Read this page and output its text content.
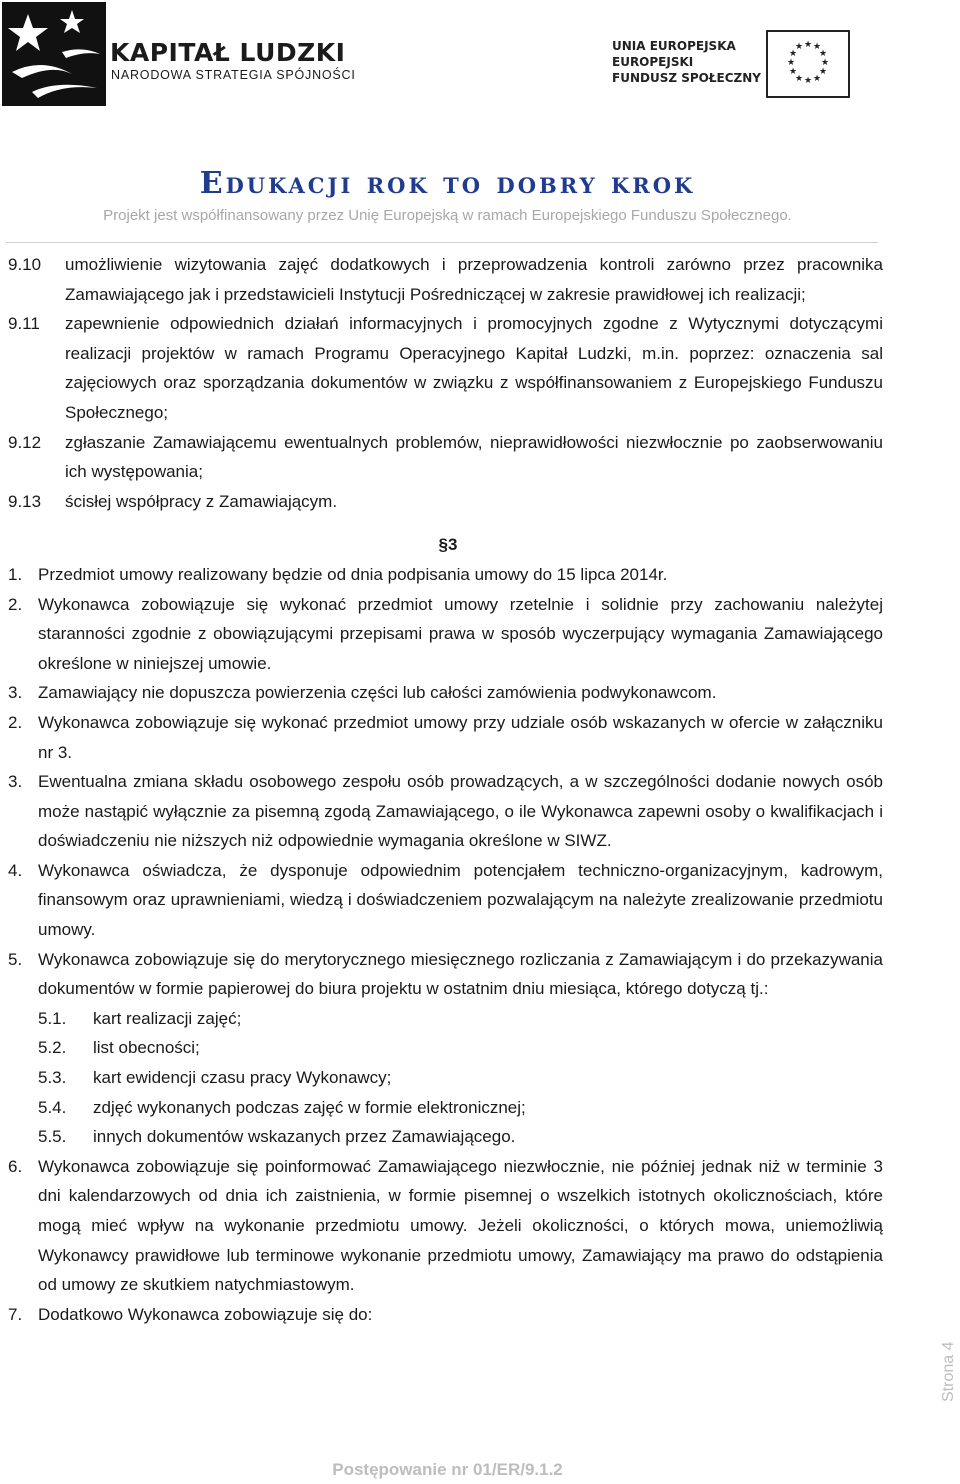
KAPITAŁ LUDZKI
NARODOWA STRATEGIA SPÓJNOŚCI
UNIA EUROPEJSKA
EUROPEJSKI
FUNDUSZ SPOŁECZNY
★ ★
★
★
★
★
★
★
★
★
★
★
Edukacji rok to dobry krok
Projekt jest współfinansowany przez Unię Europejską w ramach Europejskiego Funduszu Społecznego.
9.10	umożliwienie wizytowania zajęć dodatkowych i przeprowadzenia kontroli zarówno przez pracownika Zamawiającego jak i przedstawicieli Instytucji Pośredniczącej w zakresie prawidłowej ich realizacji;
9.11	zapewnienie odpowiednich działań informacyjnych i promocyjnych zgodne z Wytycznymi dotyczącymi realizacji projektów w ramach Programu Operacyjnego Kapitał Ludzki, m.in. poprzez: oznaczenia sal zajęciowych oraz sporządzania dokumentów w związku z współfinansowaniem z Europejskiego Funduszu Społecznego;
9.12	zgłaszanie Zamawiającemu ewentualnych problemów, nieprawidłowości niezwłocznie po zaobserwowaniu ich występowania;
9.13	ścisłej współpracy z Zamawiającym.
§3
1. Przedmiot umowy realizowany będzie od dnia podpisania umowy do 15 lipca 2014r.
2. Wykonawca zobowiązuje się wykonać przedmiot umowy rzetelnie i solidnie przy zachowaniu należytej staranności zgodnie z obowiązującymi przepisami prawa w sposób wyczerpujący wymagania Zamawiającego określone w niniejszej umowie.
3. Zamawiający nie dopuszcza powierzenia części lub całości zamówienia podwykonawcom.
2. Wykonawca zobowiązuje się wykonać przedmiot umowy przy udziale osób wskazanych w ofercie w załączniku nr 3.
3. Ewentualna zmiana składu osobowego zespołu osób prowadzących, a w szczególności dodanie nowych osób może nastąpić wyłącznie za pisemną zgodą Zamawiającego, o ile Wykonawca zapewni osoby o kwalifikacjach i doświadczeniu nie niższych niż odpowiednie wymagania określone w SIWZ.
4. Wykonawca oświadcza, że dysponuje odpowiednim potencjałem techniczno-organizacyjnym, kadrowym, finansowym oraz uprawnieniami, wiedzą i doświadczeniem pozwalającym na należyte zrealizowanie przedmiotu umowy.
5. Wykonawca zobowiązuje się do merytorycznego miesięcznego rozliczania z Zamawiającym i do przekazywania dokumentów w formie papierowej do biura projektu w ostatnim dniu miesiąca, którego dotyczą tj.:
5.1.	kart realizacji zajęć;
5.2.	list obecności;
5.3.	kart ewidencji czasu pracy Wykonawcy;
5.4.	zdjęć wykonanych podczas zajęć w formie elektronicznej;
5.5.	innych dokumentów wskazanych przez Zamawiającego.
6. Wykonawca zobowiązuje się poinformować Zamawiającego niezwłocznie, nie później jednak niż w terminie 3 dni kalendarzowych od dnia ich zaistnienia, w formie pisemnej o wszelkich istotnych okolicznościach, które mogą mieć wpływ na wykonanie przedmiotu umowy. Jeżeli okoliczności, o których mowa, uniemożliwią Wykonawcy prawidłowe lub terminowe wykonanie przedmiotu umowy, Zamawiający ma prawo do odstąpienia od umowy ze skutkiem natychmiastowym.
7. Dodatkowo Wykonawca zobowiązuje się do:
Strona 4
Postępowanie nr 01/ER/9.1.2
